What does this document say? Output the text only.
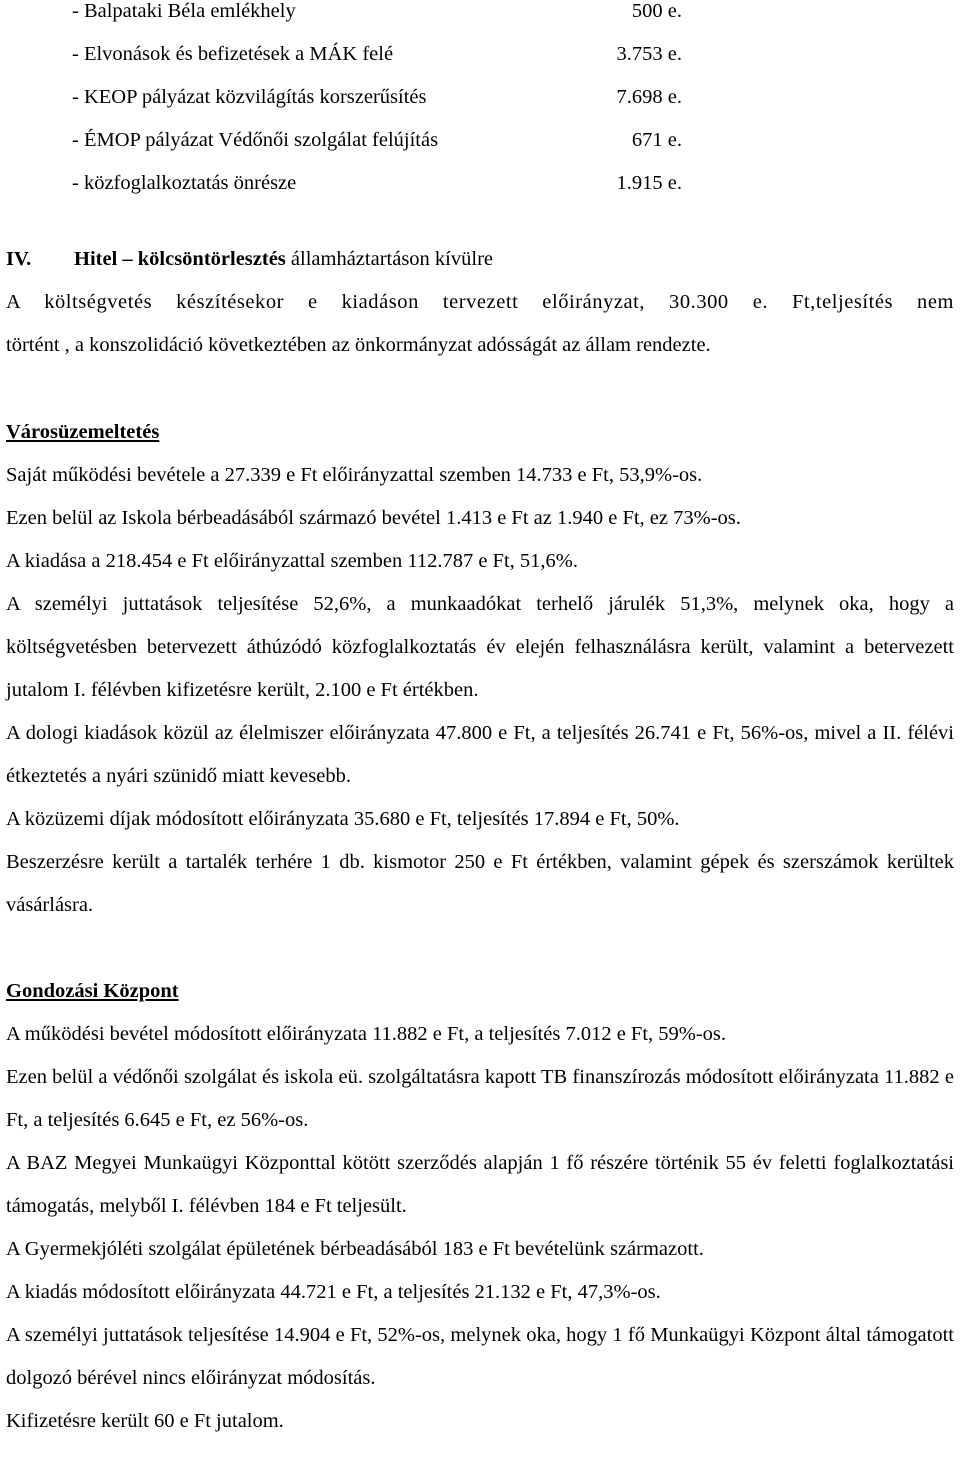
- Balpataki Béla emlékhely	500 e.
- Elvonások és befizetések a MÁK felé	3.753 e.
- KEOP pályázat közvilágítás korszerűsítés	7.698 e.
- ÉMOP pályázat Védőnői szolgálat felújítás	671 e.
- közfoglalkoztatás önrésze	1.915 e.
IV. Hitel – kölcsöntörlesztés államháztartáson kívülre

A költségvetés készítésekor e kiadáson tervezett előirányzat, 30.300 e. Ft,teljesítés nem

történt , a konszolidáció következtében az önkormányzat adósságát az állam rendezte.

Városüzemeltetés

Saját működési bevétele a 27.339 e Ft előirányzattal szemben 14.733 e Ft, 53,9%-os.

Ezen belül az Iskola bérbeadásából származó bevétel 1.413 e Ft az 1.940 e Ft, ez 73%-os.

A kiadása a 218.454 e Ft előirányzattal szemben 112.787 e Ft, 51,6%.

A személyi juttatások teljesítése 52,6%, a munkaadókat terhelő járulék 51,3%, melynek oka, hogy a költségvetésben betervezett áthúzódó közfoglalkoztatás év elején felhasználásra került, valamint a betervezett jutalom I. félévben kifizetésre került, 2.100 e Ft értékben.

A dologi kiadások közül az élelmiszer előirányzata 47.800 e Ft, a teljesítés 26.741 e Ft, 56%-os, mivel a II. félévi étkeztetés a nyári szünidő miatt kevesebb.

A közüzemi díjak módosított előirányzata 35.680 e Ft, teljesítés 17.894 e Ft, 50%.

Beszerzésre került a tartalék terhére 1 db. kismotor 250 e Ft értékben, valamint gépek és szerszámok kerültek vásárlásra.

Gondozási Központ

A működési bevétel módosított előirányzata 11.882 e Ft, a teljesítés 7.012 e Ft, 59%-os.

Ezen belül a védőnői szolgálat és iskola eü. szolgáltatásra kapott TB finanszírozás módosított előirányzata 11.882 e Ft, a teljesítés 6.645 e Ft, ez 56%-os.

A BAZ Megyei Munkaügyi Központtal kötött szerződés alapján 1 fő részére történik 55 év feletti foglalkoztatási támogatás, melyből I. félévben 184 e Ft teljesült.

A Gyermekjóléti szolgálat épületének bérbeadásából 183 e Ft bevételünk származott.

A kiadás módosított előirányzata 44.721 e Ft, a teljesítés 21.132 e Ft, 47,3%-os.

A személyi juttatások teljesítése 14.904 e Ft, 52%-os, melynek oka, hogy 1 fő Munkaügyi Központ által támogatott dolgozó bérével nincs előirányzat módosítás.

Kifizetésre került 60 e Ft jutalom.
